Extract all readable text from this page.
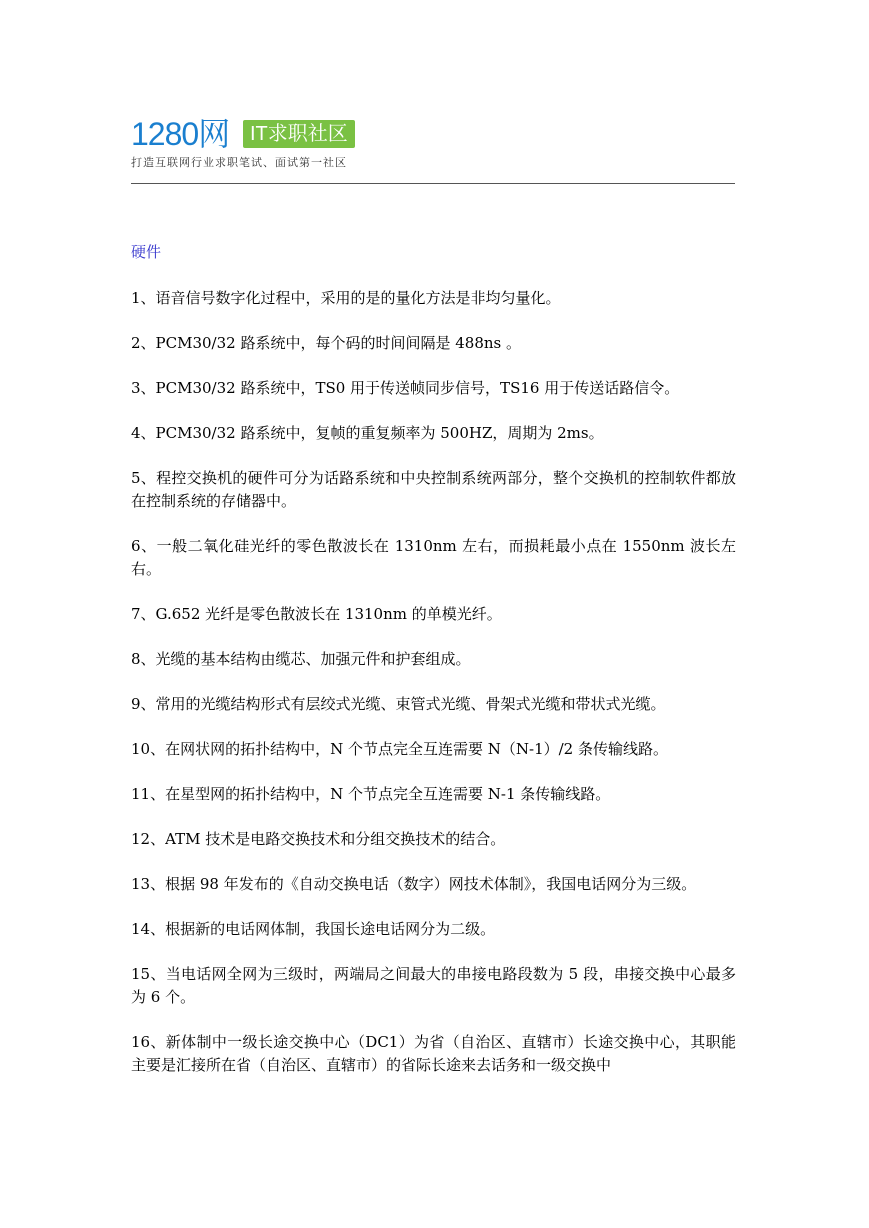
1280网	IT求职社区
打造互联网行业求职笔试、面试第一社区
硬件
1、语音信号数字化过程中，采用的是的量化方法是非均匀量化。
2、PCM30/32 路系统中，每个码的时间间隔是 488ns 。
3、PCM30/32 路系统中，TS0 用于传送帧同步信号，TS16 用于传送话路信令。
4、PCM30/32 路系统中，复帧的重复频率为 500HZ，周期为 2ms。
5、程控交换机的硬件可分为话路系统和中央控制系统两部分，整个交换机的控制软件都放在控制系统的存储器中。
6、一般二氧化硅光纤的零色散波长在 1310nm 左右，而损耗最小点在 1550nm 波长左右。
7、G.652 光纤是零色散波长在 1310nm 的单模光纤。
8、光缆的基本结构由缆芯、加强元件和护套组成。
9、常用的光缆结构形式有层绞式光缆、束管式光缆、骨架式光缆和带状式光缆。
10、在网状网的拓扑结构中，N 个节点完全互连需要 N（N-1）/2 条传输线路。
11、在星型网的拓扑结构中，N 个节点完全互连需要 N-1 条传输线路。
12、ATM 技术是电路交换技术和分组交换技术的结合。
13、根据 98 年发布的《自动交换电话（数字）网技术体制》，我国电话网分为三级。
14、根据新的电话网体制，我国长途电话网分为二级。
15、当电话网全网为三级时，两端局之间最大的串接电路段数为 5 段，串接交换中心最多为 6 个。
16、新体制中一级长途交换中心（DC1）为省（自治区、直辖市）长途交换中心，其职能主要是汇接所在省（自治区、直辖市）的省际长途来去话务和一级交换中
